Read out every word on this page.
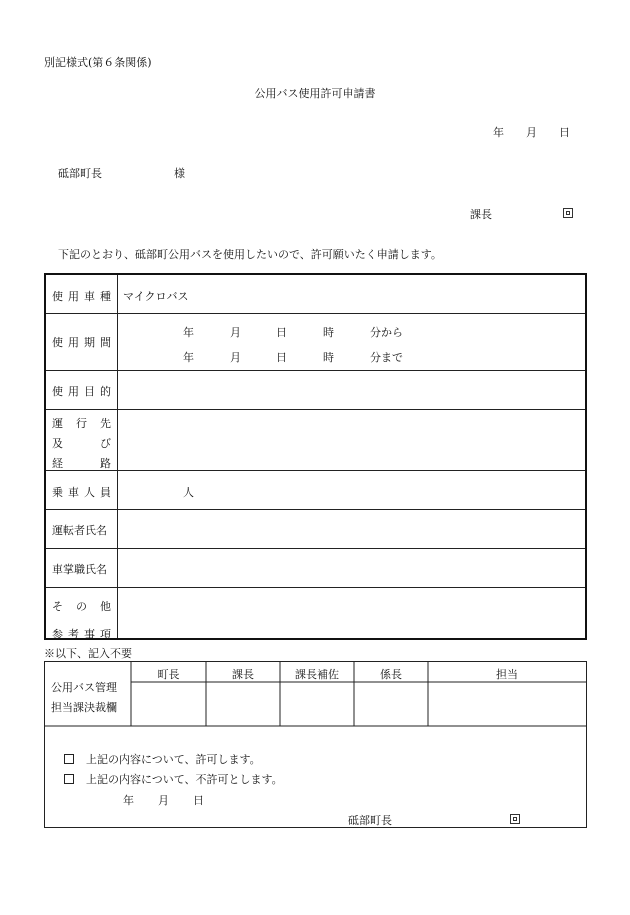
別記様式(第６条関係)
公用バス使用許可申請書
年 月 日
砥部町長	様
課長
下記のとおり、砥部町公用バスを使用したいので、許可願いたく申請します。
使 用 車 種 マイクロバス
使 用 期 間
年	月	日	時	分から
年	月	日	時	分まで
使 用 目 的
運 行 先
及	び
経	路
乗 車 人 員	人
運転者氏名
車掌職氏名
そ の 他
参 考 事 項
※以下、記入不要
公用バス管理
担当課決裁欄
町長	課長	課長補佐	係長	担当
上記の内容について、許可します。
上記の内容について、不許可とします。
年 月 日
砥部町長
